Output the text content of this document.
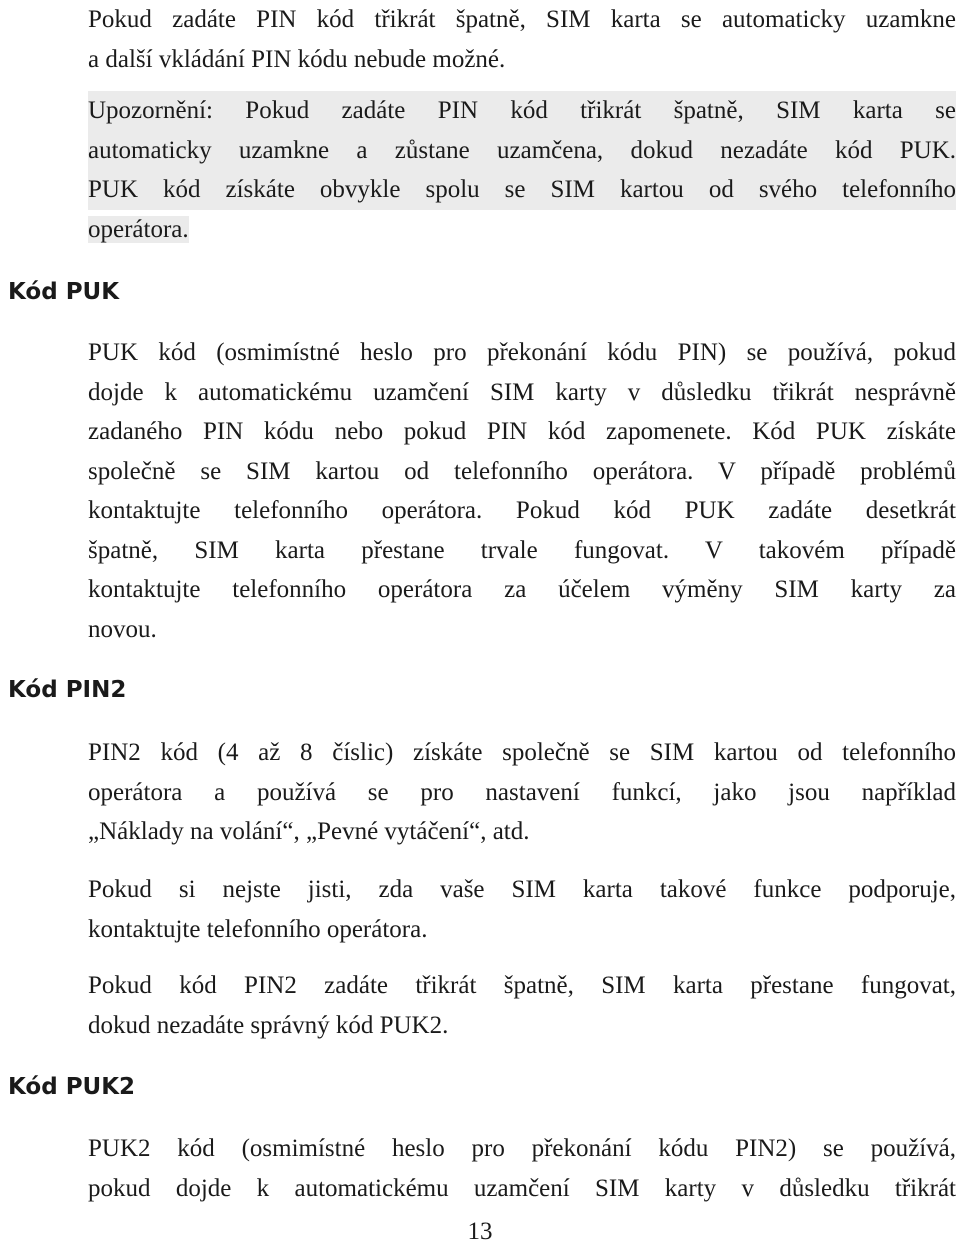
Pokud zadáte PIN kód třikrát špatně, SIM karta se automaticky uzamkne
a další vkládání PIN kódu nebude možné.
Upozornění: Pokud zadáte PIN kód třikrát špatně, SIM karta se
automaticky uzamkne a zůstane uzamčena, dokud nezadáte kód PUK.
PUK kód získáte obvykle spolu se SIM kartou od svého telefonního
operátora.
Kód PUK
PUK kód (osmimístné heslo pro překonání kódu PIN) se používá, pokud
dojde k automatickému uzamčení SIM karty v důsledku třikrát nesprávně
zadaného PIN kódu nebo pokud PIN kód zapomenete. Kód PUK získáte
společně se SIM kartou od telefonního operátora. V případě problémů
kontaktujte telefonního operátora. Pokud kód PUK zadáte desetkrát
špatně, SIM karta přestane trvale fungovat. V takovém případě
kontaktujte telefonního operátora za účelem výměny SIM karty za
novou.
Kód PIN2
PIN2 kód (4 až 8 číslic) získáte společně se SIM kartou od telefonního
operátora a používá se pro nastavení funkcí, jako jsou například
„Náklady na volání“, „Pevné vytáčení“, atd.
Pokud si nejste jisti, zda vaše SIM karta takové funkce podporuje,
kontaktujte telefonního operátora.
Pokud kód PIN2 zadáte třikrát špatně, SIM karta přestane fungovat,
dokud nezadáte správný kód PUK2.
Kód PUK2
PUK2 kód (osmimístné heslo pro překonání kódu PIN2) se používá,
pokud dojde k automatickému uzamčení SIM karty v důsledku třikrát
13
